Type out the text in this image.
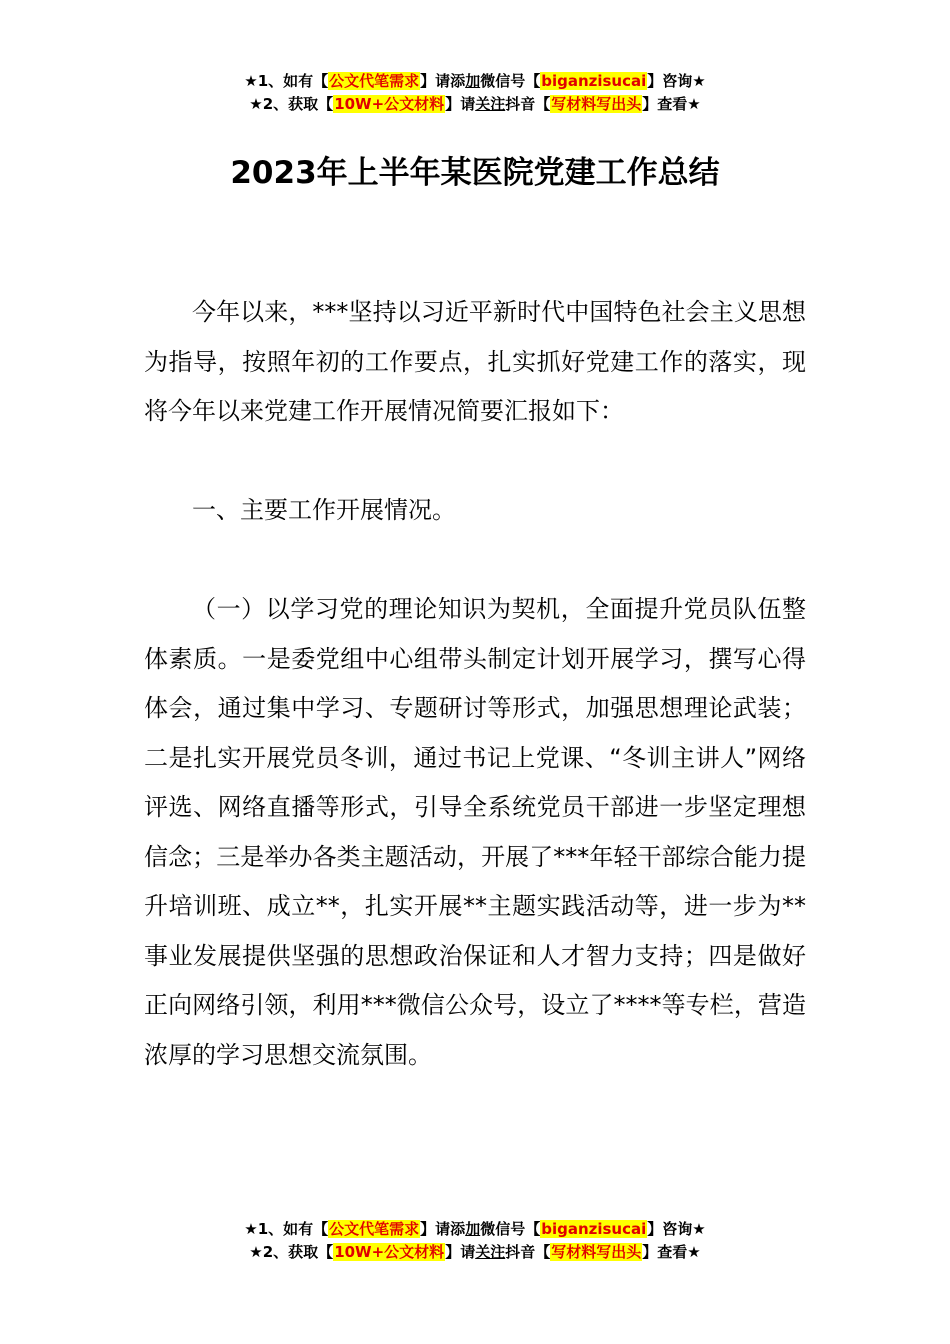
★1、如有【公文代笔需求】请添加微信号【biganzisucai】咨询★
★2、获取【10W+公文材料】请关注抖音【写材料写出头】查看★
2023年上半年某医院党建工作总结

今年以来，***坚持以习近平新时代中国特色社会主义思想为指导，按照年初的工作要点，扎实抓好党建工作的落实，现将今年以来党建工作开展情况简要汇报如下：

一、主要工作开展情况。

（一）以学习党的理论知识为契机，全面提升党员队伍整体素质。一是委党组中心组带头制定计划开展学习，撰写心得体会，通过集中学习、专题研讨等形式，加强思想理论武装；二是扎实开展党员冬训，通过书记上党课、“冬训主讲人”网络评选、网络直播等形式，引导全系统党员干部进一步坚定理想信念；三是举办各类主题活动，开展了***年轻干部综合能力提升培训班、成立**，扎实开展**主题实践活动等，进一步为**事业发展提供坚强的思想政治保证和人才智力支持；四是做好正向网络引领，利用***微信公众号，设立了****等专栏，营造浓厚的学习思想交流氛围。

★1、如有【公文代笔需求】请添加微信号【biganzisucai】咨询★
★2、获取【10W+公文材料】请关注抖音【写材料写出头】查看★
